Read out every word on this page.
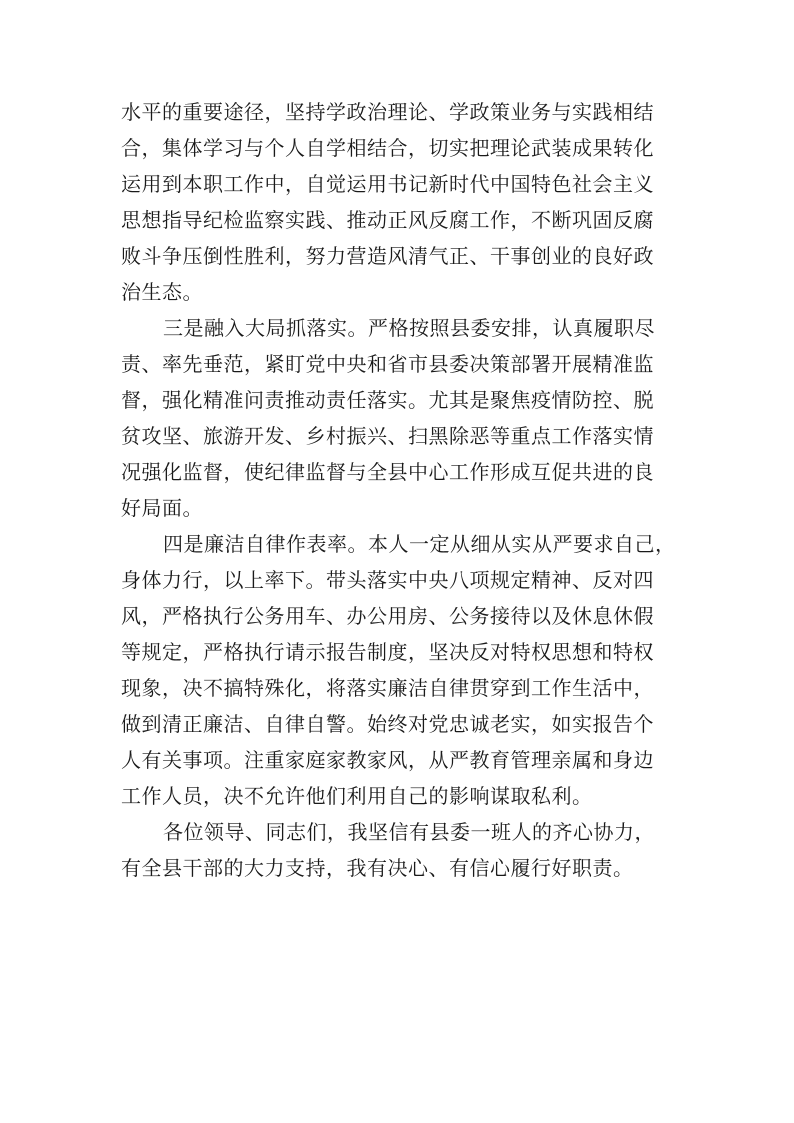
水平的重要途径，坚持学政治理论、学政策业务与实践相结
合，集体学习与个人自学相结合，切实把理论武装成果转化
运用到本职工作中，自觉运用书记新时代中国特色社会主义
思想指导纪检监察实践、推动正风反腐工作，不断巩固反腐
败斗争压倒性胜利，努力营造风清气正、干事创业的良好政
治生态。

三是融入大局抓落实。严格按照县委安排，认真履职尽
责、率先垂范，紧盯党中央和省市县委决策部署开展精准监
督，强化精准问责推动责任落实。尤其是聚焦疫情防控、脱
贫攻坚、旅游开发、乡村振兴、扫黑除恶等重点工作落实情
况强化监督，使纪律监督与全县中心工作形成互促共进的良
好局面。

四是廉洁自律作表率。本人一定从细从实从严要求自己，
身体力行，以上率下。带头落实中央八项规定精神、反对四
风，严格执行公务用车、办公用房、公务接待以及休息休假
等规定，严格执行请示报告制度，坚决反对特权思想和特权
现象，决不搞特殊化，将落实廉洁自律贯穿到工作生活中，
做到清正廉洁、自律自警。始终对党忠诚老实，如实报告个
人有关事项。注重家庭家教家风，从严教育管理亲属和身边
工作人员，决不允许他们利用自己的影响谋取私利。

各位领导、同志们，我坚信有县委一班人的齐心协力，
有全县干部的大力支持，我有决心、有信心履行好职责。
